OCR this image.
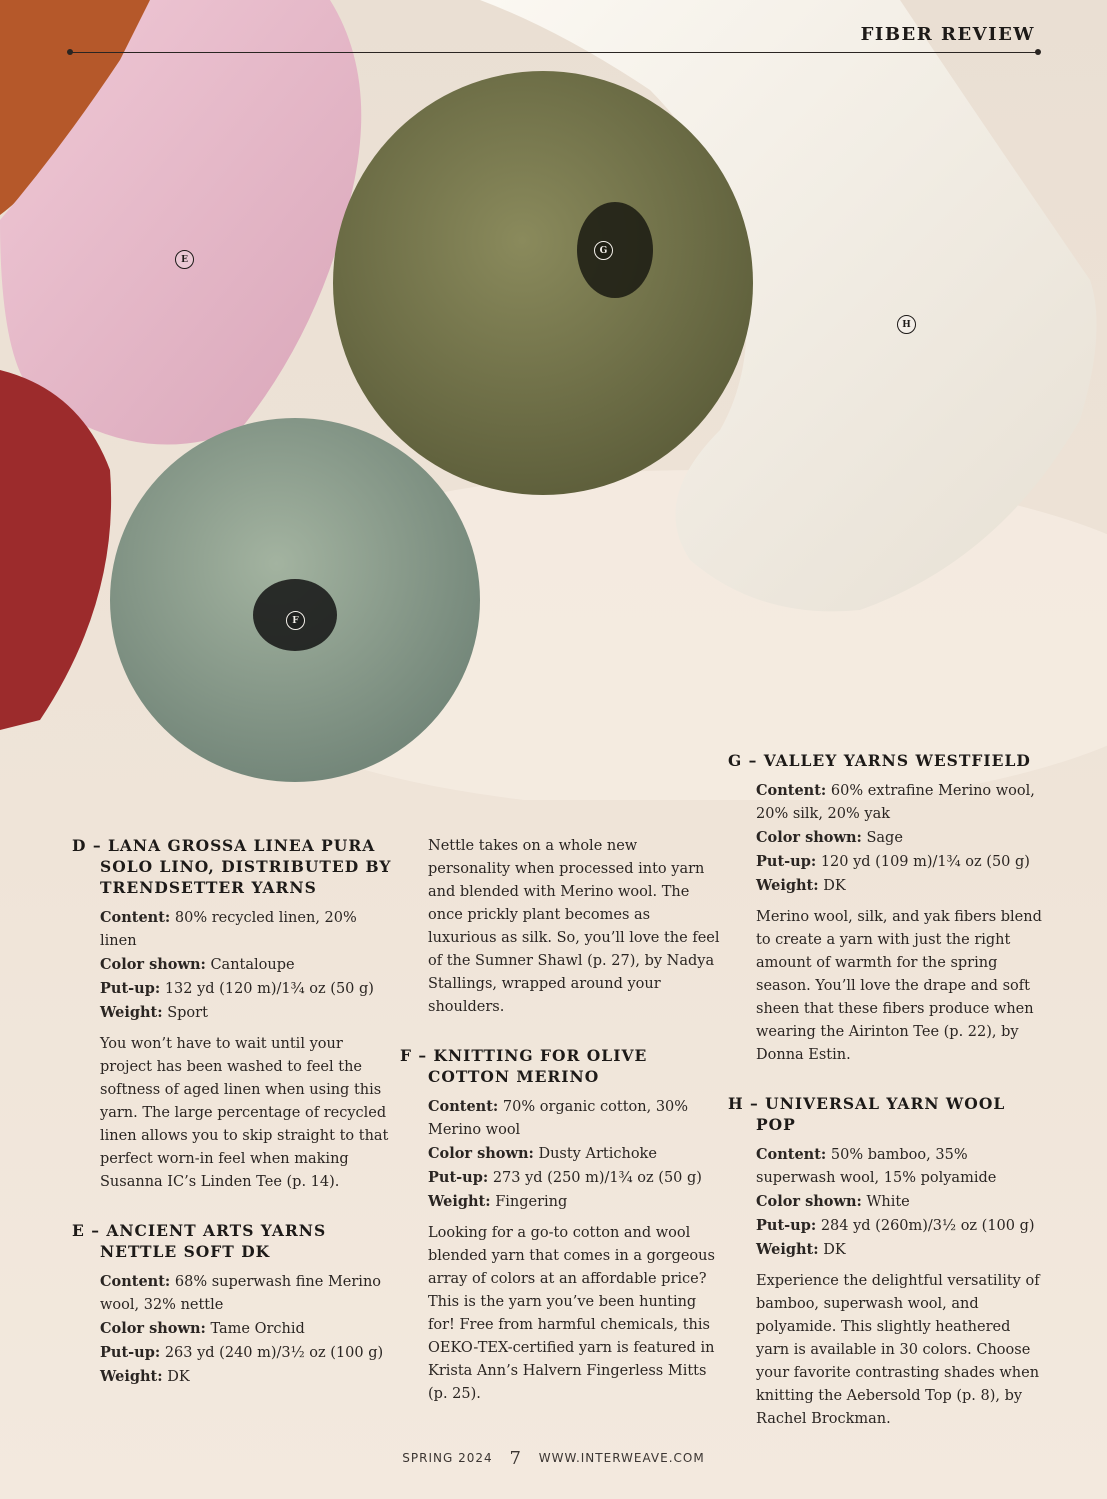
FIBER REVIEW
E
G
H
F
D – LANA GROSSA LINEA PURA SOLO LINO, DISTRIBUTED BY TRENDSETTER YARNS
Content: 80% recycled linen, 20% linen
Color shown: Cantaloupe
Put-up: 132 yd (120 m)/1¾ oz (50 g)
Weight: Sport

You won’t have to wait until your project has been washed to feel the softness of aged linen when using this yarn. The large percentage of recycled linen allows you to skip straight to that perfect worn-in feel when making Susanna IC’s Linden Tee (p. 14).

E – ANCIENT ARTS YARNS NETTLE SOFT DK
Content: 68% superwash fine Merino wool, 32% nettle
Color shown: Tame Orchid
Put-up: 263 yd (240 m)/3½ oz (100 g)
Weight: DK

Nettle takes on a whole new personality when processed into yarn and blended with Merino wool. The once prickly plant becomes as luxurious as silk. So, you’ll love the feel of the Sumner Shawl (p. 27), by Nadya Stallings, wrapped around your shoulders.

F – KNITTING FOR OLIVE COTTON MERINO
Content: 70% organic cotton, 30% Merino wool
Color shown: Dusty Artichoke
Put-up: 273 yd (250 m)/1¾ oz (50 g)
Weight: Fingering

Looking for a go-to cotton and wool blended yarn that comes in a gorgeous array of colors at an affordable price? This is the yarn you’ve been hunting for! Free from harmful chemicals, this OEKO-TEX-certified yarn is featured in Krista Ann’s Halvern Fingerless Mitts (p. 25).

G – VALLEY YARNS WESTFIELD
Content: 60% extrafine Merino wool, 20% silk, 20% yak
Color shown: Sage
Put-up: 120 yd (109 m)/1¾ oz (50 g)
Weight: DK

Merino wool, silk, and yak fibers blend to create a yarn with just the right amount of warmth for the spring season. You’ll love the drape and soft sheen that these fibers produce when wearing the Airinton Tee (p. 22), by Donna Estin.

H – UNIVERSAL YARN WOOL POP
Content: 50% bamboo, 35% superwash wool, 15% polyamide
Color shown: White
Put-up: 284 yd (260m)/3½ oz (100 g)
Weight: DK

Experience the delightful versatility of bamboo, superwash wool, and polyamide. This slightly heathered yarn is available in 30 colors. Choose your favorite contrasting shades when knitting the Aebersold Top (p. 8), by Rachel Brockman.

SPRING 2024 7 WWW.INTERWEAVE.COM
